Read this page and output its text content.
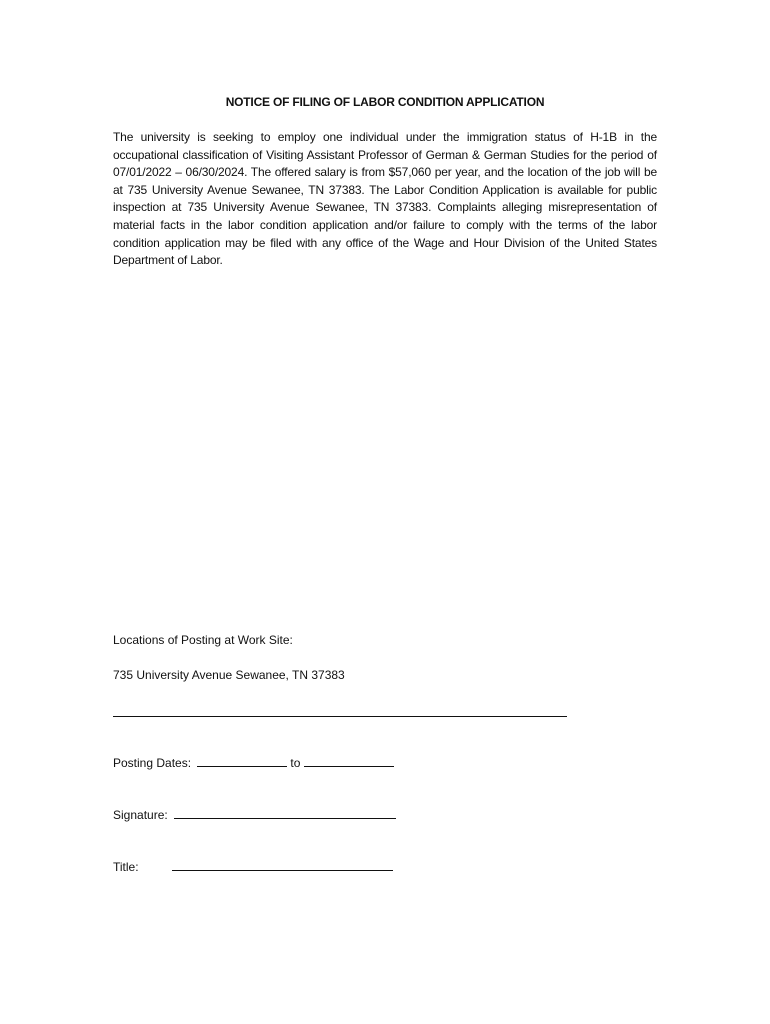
NOTICE OF FILING OF LABOR CONDITION APPLICATION
The university is seeking to employ one individual under the immigration status of H-1B in the occupational classification of Visiting Assistant Professor of German & German Studies for the period of 07/01/2022 – 06/30/2024. The offered salary is from $57,060 per year, and the location of the job will be at 735 University Avenue Sewanee, TN 37383. The Labor Condition Application is available for public inspection at 735 University Avenue Sewanee, TN 37383. Complaints alleging misrepresentation of material facts in the labor condition application and/or failure to comply with the terms of the labor condition application may be filed with any office of the Wage and Hour Division of the United States Department of Labor.
Locations of Posting at Work Site:
735 University Avenue Sewanee, TN 37383
Posting Dates:	to
Signature:
Title:
